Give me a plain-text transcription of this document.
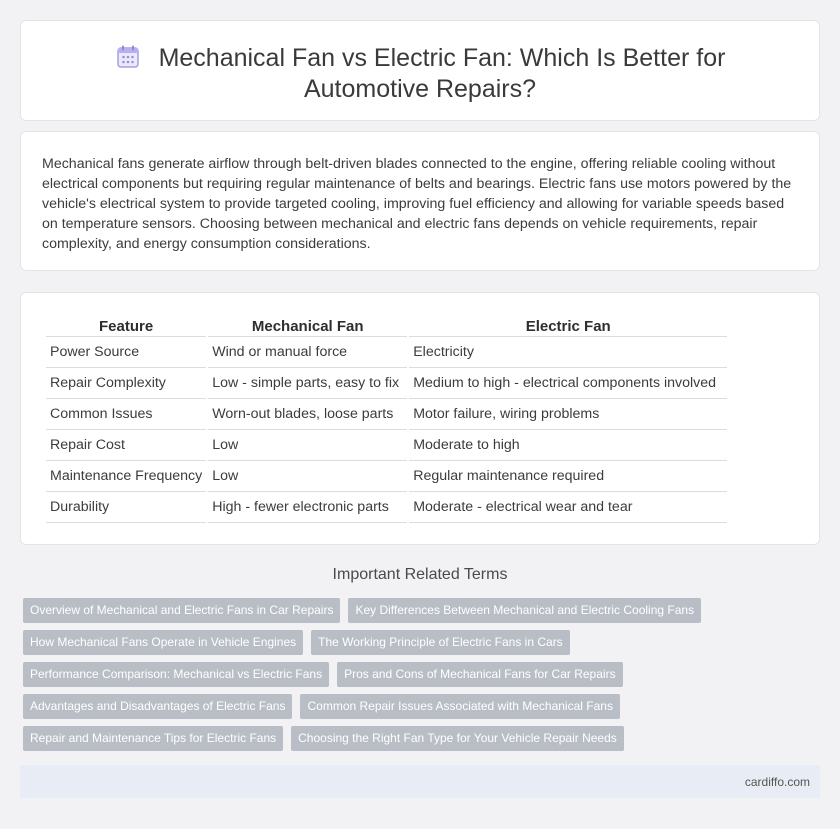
Mechanical Fan vs Electric Fan: Which Is Better for Automotive Repairs?

Mechanical fans generate airflow through belt-driven blades connected to the engine, offering reliable cooling without electrical components but requiring regular maintenance of belts and bearings. Electric fans use motors powered by the vehicle's electrical system to provide targeted cooling, improving fuel efficiency and allowing for variable speeds based on temperature sensors. Choosing between mechanical and electric fans depends on vehicle requirements, repair complexity, and energy consumption considerations.

Feature	Mechanical Fan	Electric Fan
Power Source	Wind or manual force	Electricity
Repair Complexity	Low - simple parts, easy to fix	Medium to high - electrical components involved
Common Issues	Worn-out blades, loose parts	Motor failure, wiring problems
Repair Cost	Low	Moderate to high
Maintenance Frequency	Low	Regular maintenance required
Durability	High - fewer electronic parts	Moderate - electrical wear and tear
Important Related Terms
Overview of Mechanical and Electric Fans in Car Repairs	Key Differences Between Mechanical and Electric Cooling Fans
How Mechanical Fans Operate in Vehicle Engines	The Working Principle of Electric Fans in Cars
Performance Comparison: Mechanical vs Electric Fans	Pros and Cons of Mechanical Fans for Car Repairs
Advantages and Disadvantages of Electric Fans	Common Repair Issues Associated with Mechanical Fans
Repair and Maintenance Tips for Electric Fans	Choosing the Right Fan Type for Your Vehicle Repair Needs
cardiffo.com
